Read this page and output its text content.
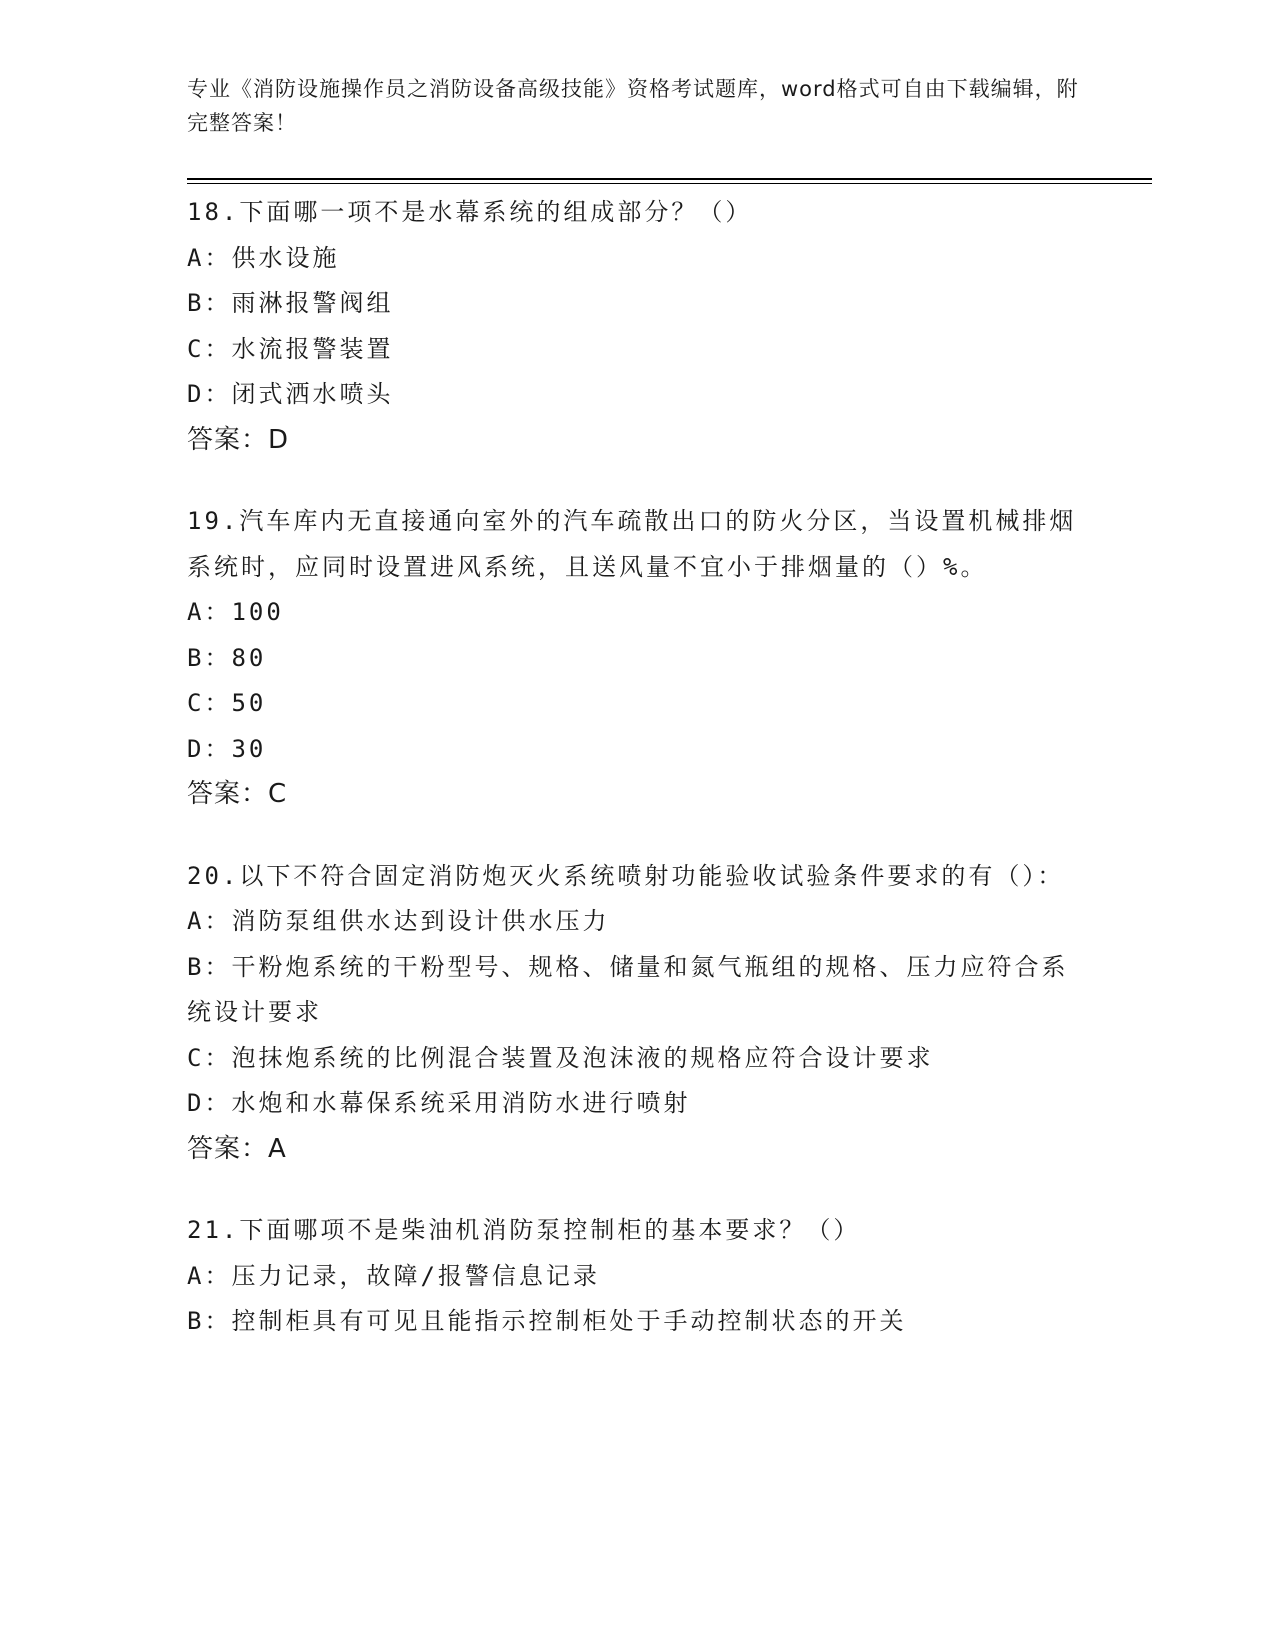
专业《消防设施操作员之消防设备高级技能》资格考试题库，word格式可自由下载编辑，附完整答案！
18.下面哪一项不是水幕系统的组成部分？（）
A：供水设施
B：雨淋报警阀组
C：水流报警装置
D：闭式洒水喷头
答案：D
19.汽车库内无直接通向室外的汽车疏散出口的防火分区，当设置机械排烟系统时，应同时设置进风系统，且送风量不宜小于排烟量的（）%。
A：100
B：80
C：50
D：30
答案：C
20.以下不符合固定消防炮灭火系统喷射功能验收试验条件要求的有（）：
A：消防泵组供水达到设计供水压力
B：干粉炮系统的干粉型号、规格、储量和氮气瓶组的规格、压力应符合系统设计要求
C：泡抹炮系统的比例混合装置及泡沫液的规格应符合设计要求
D：水炮和水幕保系统采用消防水进行喷射
答案：A
21.下面哪项不是柴油机消防泵控制柜的基本要求？（）
A：压力记录，故障/报警信息记录
B：控制柜具有可见且能指示控制柜处于手动控制状态的开关
